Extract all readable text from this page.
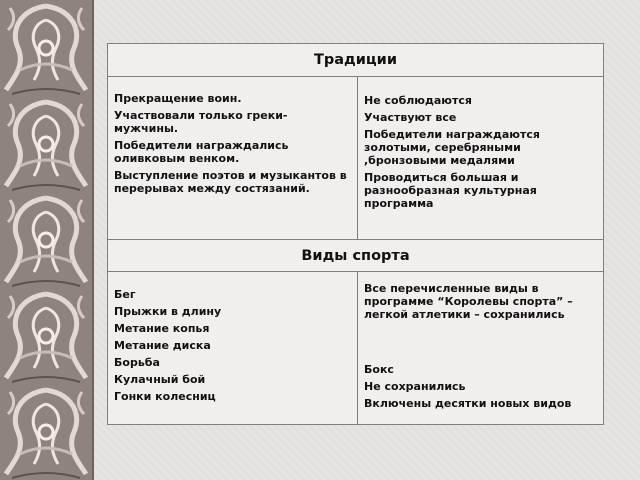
Традиции

Прекращение воин.

Участвовали только греки-мужчины.

Победители награждались оливковым венком.

Выступление поэтов и музыкантов в перерывах между состязаний.

Не соблюдаются

Участвуют все

Победители награждаются золотыми, серебряными ,бронзовыми медалями

Проводиться большая и разнообразная культурная программа

Виды спорта

Бег

Прыжки в длину

Метание копья

Метание диска

Борьба

Кулачный бой

Гонки колесниц

Все перечисленные виды в программе “Королевы спорта” – легкой атлетики – сохранились

Бокс

Не сохранились

Включены десятки новых видов
